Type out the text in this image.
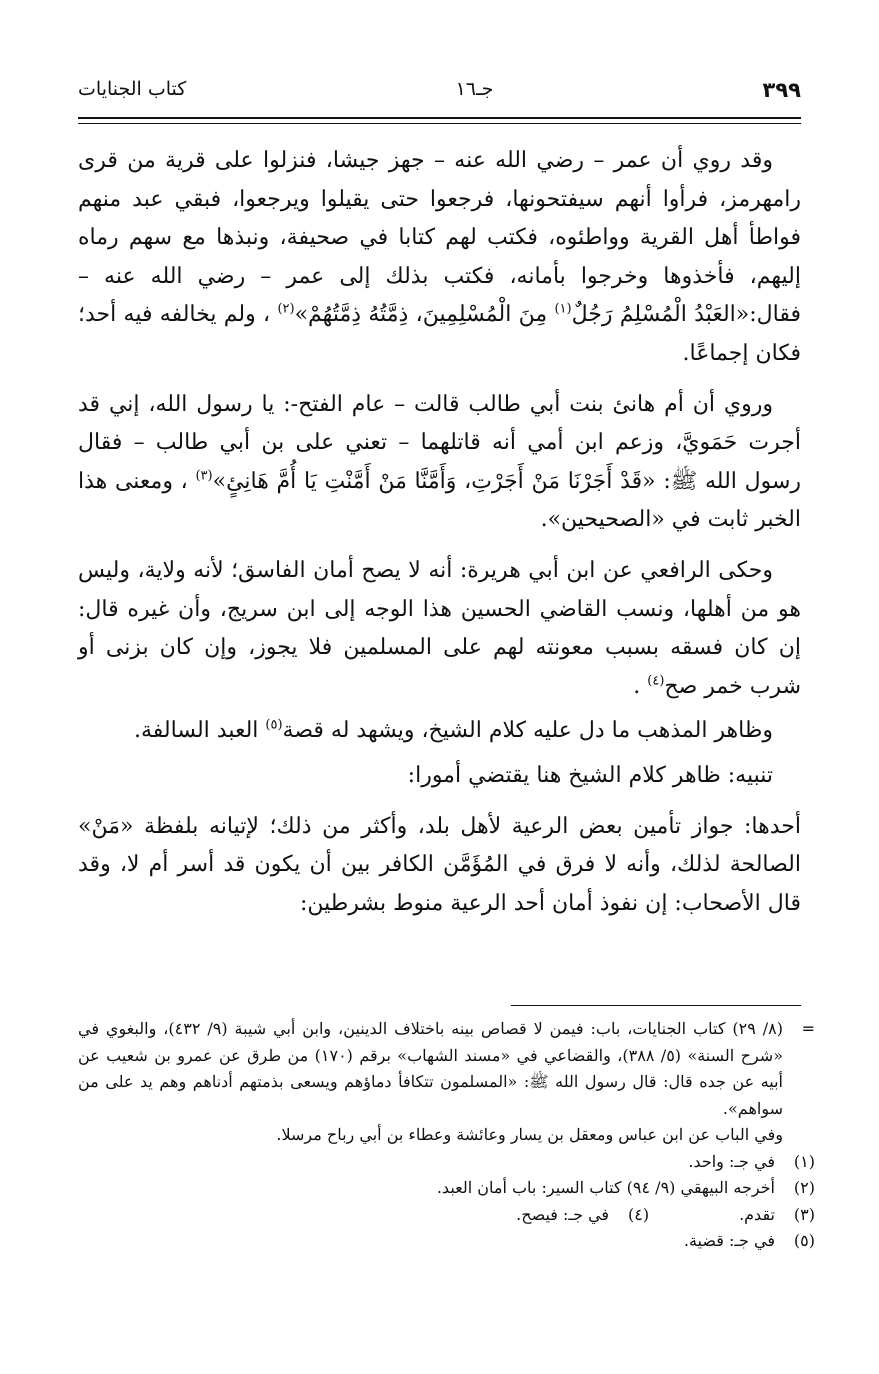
٣٩٩
جـ١٦
كتاب الجنايات

وقد روي أن عمر – رضي الله عنه – جهز جيشا، فنزلوا على قرية من قرى رامهرمز، فرأوا أنهم سيفتحونها، فرجعوا حتى يقيلوا ويرجعوا، فبقي عبد منهم فواطأ أهل القرية وواطئوه، فكتب لهم كتابا في صحيفة، ونبذها مع سهم رماه إليهم، فأخذوها وخرجوا بأمانه، فكتب بذلك إلى عمر – رضي الله عنه – فقال:«العَبْدُ الْمُسْلِمُ رَجُلٌ$^{(١)}$ مِنَ الْمُسْلِمِينَ، ذِمَّتُهُ ذِمَّتُهُمْ»$^{(٢)}$ ، ولم يخالفه فيه أحد؛ فكان إجماعًا.

وروي أن أم هانئ بنت أبي طالب قالت – عام الفتح-: يا رسول الله، إني قد أجرت حَمَويَّ، وزعم ابن أمي أنه قاتلهما – تعني على بن أبي طالب – فقال رسول الله ﷺ: «قَدْ أَجَرْنَا مَنْ أَجَرْتِ، وَأَمَّنَّا مَنْ أَمَّنْتِ يَا أُمَّ هَانِئٍ»$^{(٣)}$ ، ومعنى هذا الخبر ثابت في «الصحيحين».

وحكى الرافعي عن ابن أبي هريرة: أنه لا يصح أمان الفاسق؛ لأنه ولاية، وليس هو من أهلها، ونسب القاضي الحسين هذا الوجه إلى ابن سريج، وأن غيره قال: إن كان فسقه بسبب معونته لهم على المسلمين فلا يجوز، وإن كان بزنى أو شرب خمر صح$^{(٤)}$ .

وظاهر المذهب ما دل عليه كلام الشيخ، ويشهد له قصة$^{(٥)}$ العبد السالفة.

تنبيه: ظاهر كلام الشيخ هنا يقتضي أمورا:

أحدها: جواز تأمين بعض الرعية لأهل بلد، وأكثر من ذلك؛ لإتيانه بلفظة «مَنْ» الصالحة لذلك، وأنه لا فرق في المُؤَمَّن الكافر بين أن يكون قد أسر أم لا، وقد قال الأصحاب: إن نفوذ أمان أحد الرعية منوط بشرطين:

=
(٨/ ٢٩) كتاب الجنايات، باب: فيمن لا قصاص بينه باختلاف الدينين، وابن أبي شيبة (٩/ ٤٣٢)، والبغوي في «شرح السنة» (٥/ ٣٨٨)، والقضاعي في «مسند الشهاب» برقم (١٧٠) من طرق عن عمرو بن شعيب عن أبيه عن جده قال: قال رسول الله ﷺ: «المسلمون تتكافأ دماؤهم ويسعى بذمتهم أدناهم وهم يد على من سواهم».
وفي الباب عن ابن عباس ومعقل بن يسار وعائشة وعطاء بن أبي رباح مرسلا.
(١)
في جـ: واحد.
(٢)
أخرجه البيهقي (٩/ ٩٤) كتاب السير: باب أمان العبد.
(٣)
تقدم.
(٤)
في جـ: فيصح.
(٥)
في جـ: قضية.
